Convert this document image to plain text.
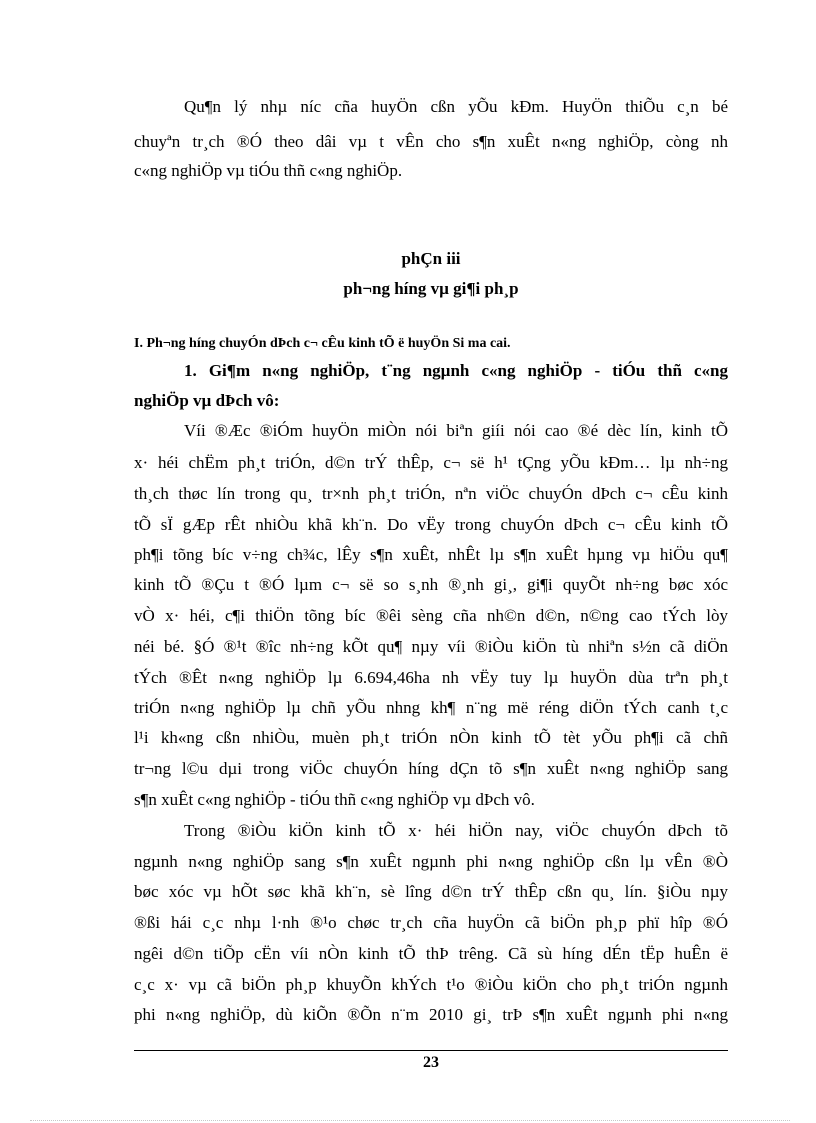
Qu¶n lý nhµ níc cña huyÖn cßn yÕu kÐm. HuyÖn thiÕu c¸n bé
chuyªn tr¸ch ®Ó theo dâi vµ t vÊn cho s¶n xuÊt n«ng nghiÖp, còng nh
c«ng nghiÖp vµ tiÓu thñ c«ng nghiÖp.
phÇn iii
ph¬ng híng vµ gi¶i ph¸p
I. Ph¬ng híng chuyÓn dÞch c¬ cÊu kinh tÕ ë huyÖn Si ma cai.
1. Gi¶m n«ng nghiÖp, t¨ng ngµnh c«ng nghiÖp - tiÓu thñ c«ng
nghiÖp vµ dÞch vô:
Víi ®Æc ®iÓm huyÖn miÒn nói biªn giíi nói cao ®é dèc lín, kinh tÕ
x· héi chËm ph¸t triÓn, d©n trÝ thÊp, c¬ së h¹ tÇng yÕu kÐm… lµ nh÷ng
th¸ch thøc lín trong qu¸ tr×nh ph¸t triÓn, nªn viÖc chuyÓn dÞch c¬ cÊu kinh
tÕ sÏ gÆp rÊt nhiÒu khã kh¨n. Do vËy trong chuyÓn dÞch c¬ cÊu kinh tÕ
ph¶i tõng bíc v÷ng ch¾c, lÊy s¶n xuÊt, nhÊt lµ s¶n xuÊt hµng vµ hiÖu qu¶
kinh tÕ ®Çu t ®Ó lµm c¬ së so s¸nh ®¸nh gi¸, gi¶i quyÕt nh÷ng bøc xóc
vÒ x· héi, c¶i thiÖn tõng bíc ®êi sèng cña nh©n d©n, n©ng cao tÝch lòy
néi bé. §Ó ®¹t ®îc nh÷ng kÕt qu¶ nµy víi ®iÒu kiÖn tù nhiªn s½n cã diÖn
tÝch ®Êt n«ng nghiÖp lµ 6.694,46ha nh vËy tuy lµ huyÖn dùa trªn ph¸t
triÓn n«ng nghiÖp lµ chñ yÕu nhng kh¶ n¨ng më réng diÖn tÝch canh t¸c
l¹i kh«ng cßn nhiÒu, muèn ph¸t triÓn nÒn kinh tÕ tèt yÕu ph¶i cã chñ
tr¬ng l©u dµi trong viÖc chuyÓn híng dÇn tõ s¶n xuÊt n«ng nghiÖp sang
s¶n xuÊt c«ng nghiÖp - tiÓu thñ c«ng nghiÖp vµ dÞch vô.
Trong ®iÒu kiÖn kinh tÕ x· héi hiÖn nay, viÖc chuyÓn dÞch tõ
ngµnh n«ng nghiÖp sang s¶n xuÊt ngµnh phi n«ng nghiÖp cßn lµ vÊn ®Ò
bøc xóc vµ hÕt søc khã kh¨n, sè lîng d©n trÝ thÊp cßn qu¸ lín. §iÒu nµy
®ßi hái c¸c nhµ l·nh ®¹o chøc tr¸ch cña huyÖn cã biÖn ph¸p phï hîp ®Ó
ngêi d©n tiÕp cËn víi nÒn kinh tÕ thÞ trêng. Cã sù híng dÉn tËp huÊn ë
c¸c x· vµ cã biÖn ph¸p khuyÕn khÝch t¹o ®iÒu kiÖn cho ph¸t triÓn ngµnh
phi n«ng nghiÖp, dù kiÕn ®Õn n¨m 2010 gi¸ trÞ s¶n xuÊt ngµnh phi n«ng
23
